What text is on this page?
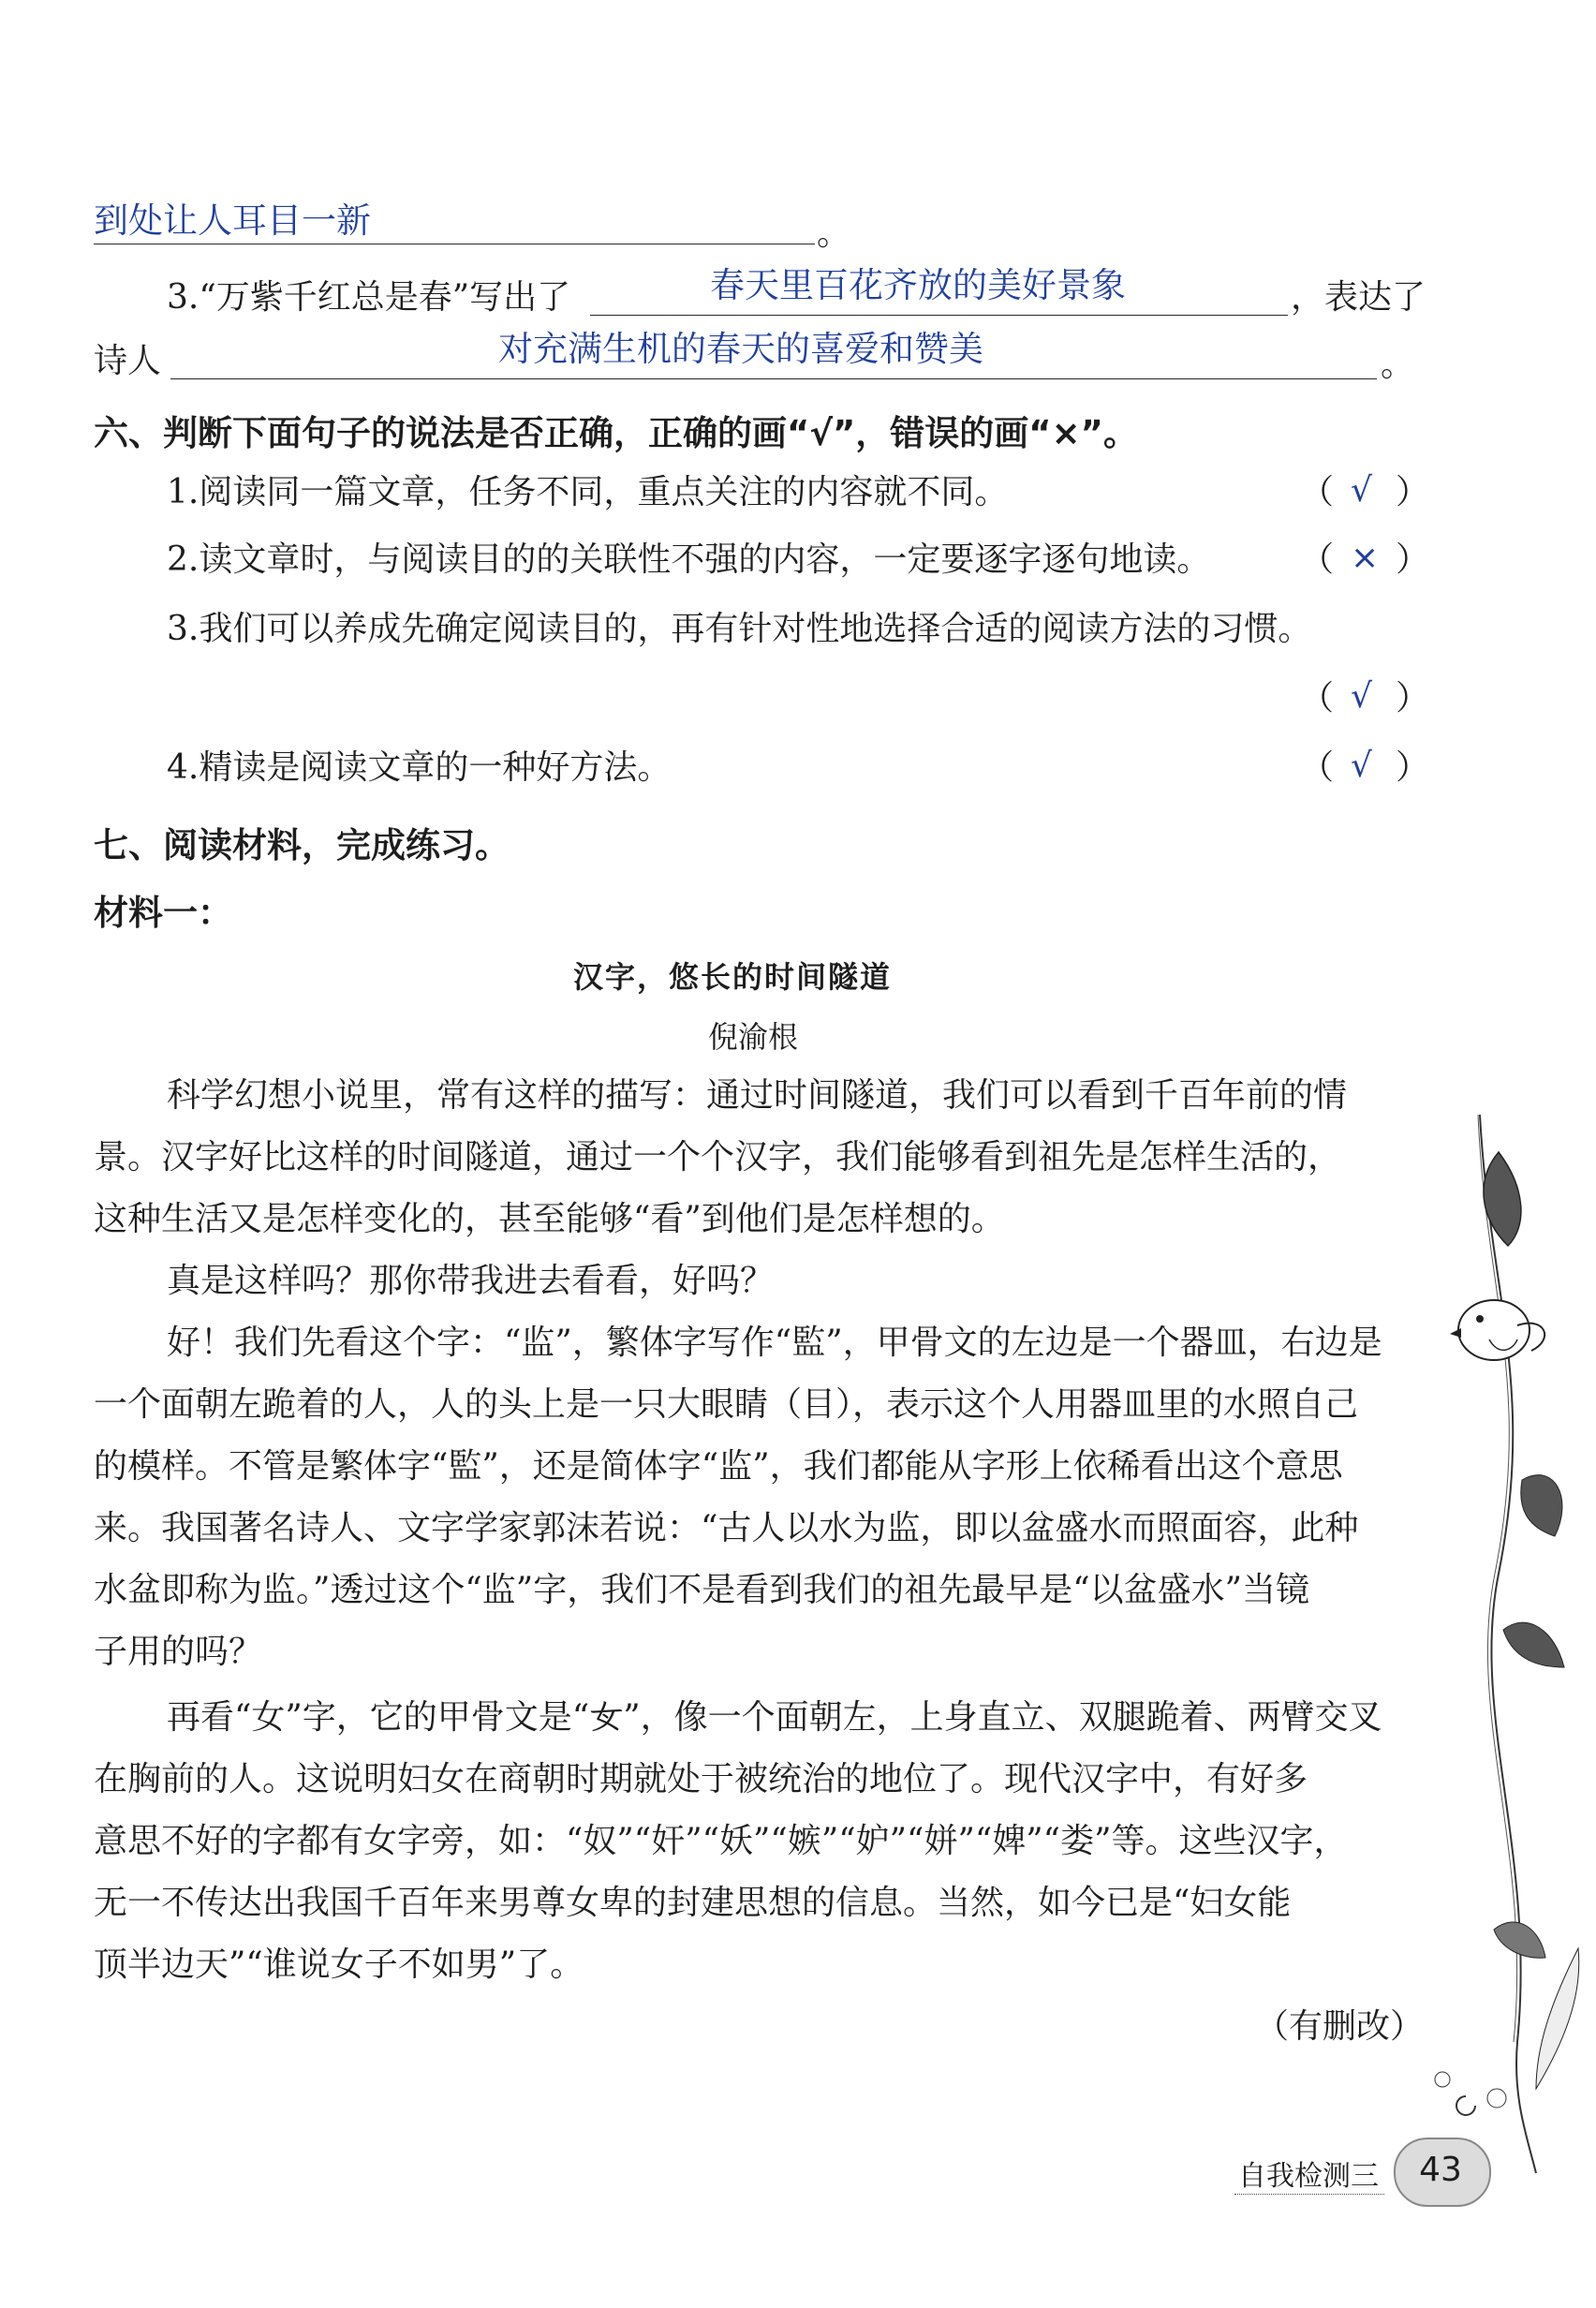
到处让人耳目一新	。
3.“万紫千红总是春”写出了	春天里百花齐放的美好景象	，表达了
诗人	对充满生机的春天的喜爱和赞美	。
六、判断下面句子的说法是否正确，正确的画“√”，错误的画“×”。
1.阅读同一篇文章，任务不同，重点关注的内容就不同。	（ √ ）
2.读文章时，与阅读目的的关联性不强的内容，一定要逐字逐句地读。	（ × ）
3.我们可以养成先确定阅读目的，再有针对性地选择合适的阅读方法的习惯。
（ √ ）
4.精读是阅读文章的一种好方法。	（ √ ）
七、阅读材料，完成练习。
材料一：
汉字，悠长的时间隧道
倪渝根
科学幻想小说里，常有这样的描写：通过时间隧道，我们可以看到千百年前的情
景。汉字好比这样的时间隧道，通过一个个汉字，我们能够看到祖先是怎样生活的，
这种生活又是怎样变化的，甚至能够“看”到他们是怎样想的。
真是这样吗？那你带我进去看看，好吗？
好！我们先看这个字：“监”，繁体字写作“監”，甲骨文的左边是一个器皿，右边是
一个面朝左跪着的人，人的头上是一只大眼睛（目），表示这个人用器皿里的水照自己
的模样。不管是繁体字“監”，还是简体字“监”，我们都能从字形上依稀看出这个意思
来。我国著名诗人、文字学家郭沫若说：“古人以水为监，即以盆盛水而照面容，此种
水盆即称为监。”透过这个“监”字，我们不是看到我们的祖先最早是“以盆盛水”当镜
子用的吗？
再看“女”字，它的甲骨文是“𡚦”，像一个面朝左，上身直立、双腿跪着、两臂交叉
在胸前的人。这说明妇女在商朝时期就处于被统治的地位了。现代汉字中，有好多
意思不好的字都有女字旁，如：“奴”“奸”“妖”“嫉”“妒”“姘”“婢”“娄”等。这些汉字，
无一不传达出我国千百年来男尊女卑的封建思想的信息。当然，如今已是“妇女能
顶半边天”“谁说女子不如男”了。
（有删改）
自我检测三	43
